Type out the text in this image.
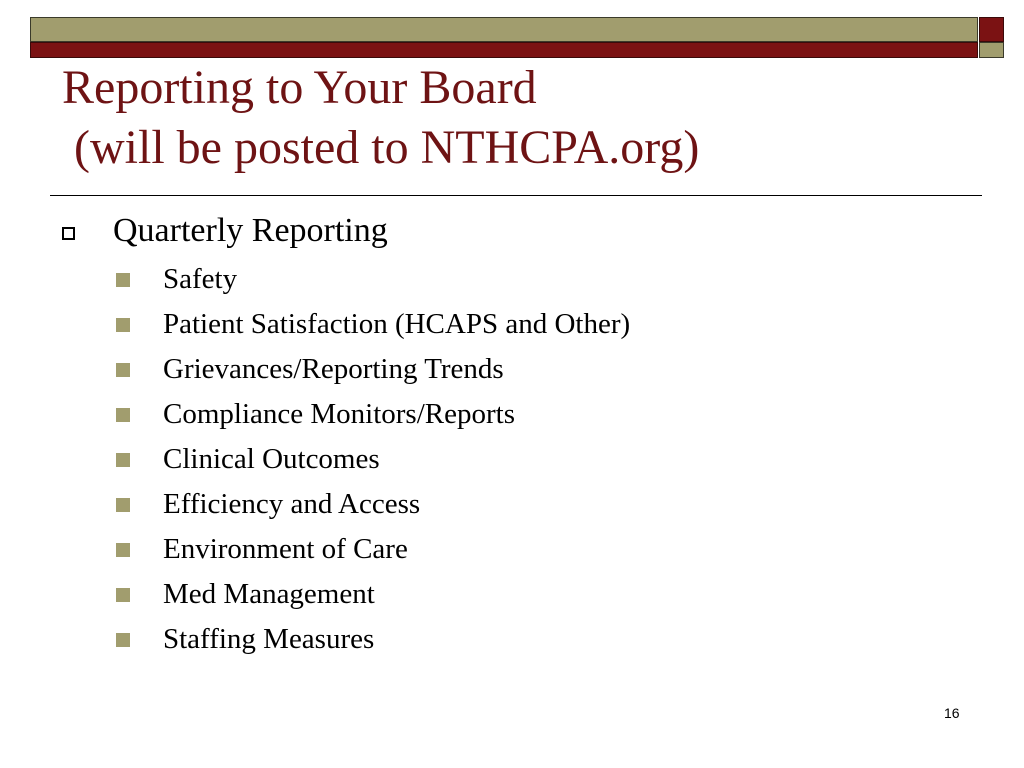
Reporting to Your Board
(will be posted to NTHCPA.org)
Quarterly Reporting
Safety
Patient Satisfaction (HCAPS and Other)
Grievances/Reporting Trends
Compliance Monitors/Reports
Clinical Outcomes
Efficiency and Access
Environment of Care
Med Management
Staffing Measures
16
